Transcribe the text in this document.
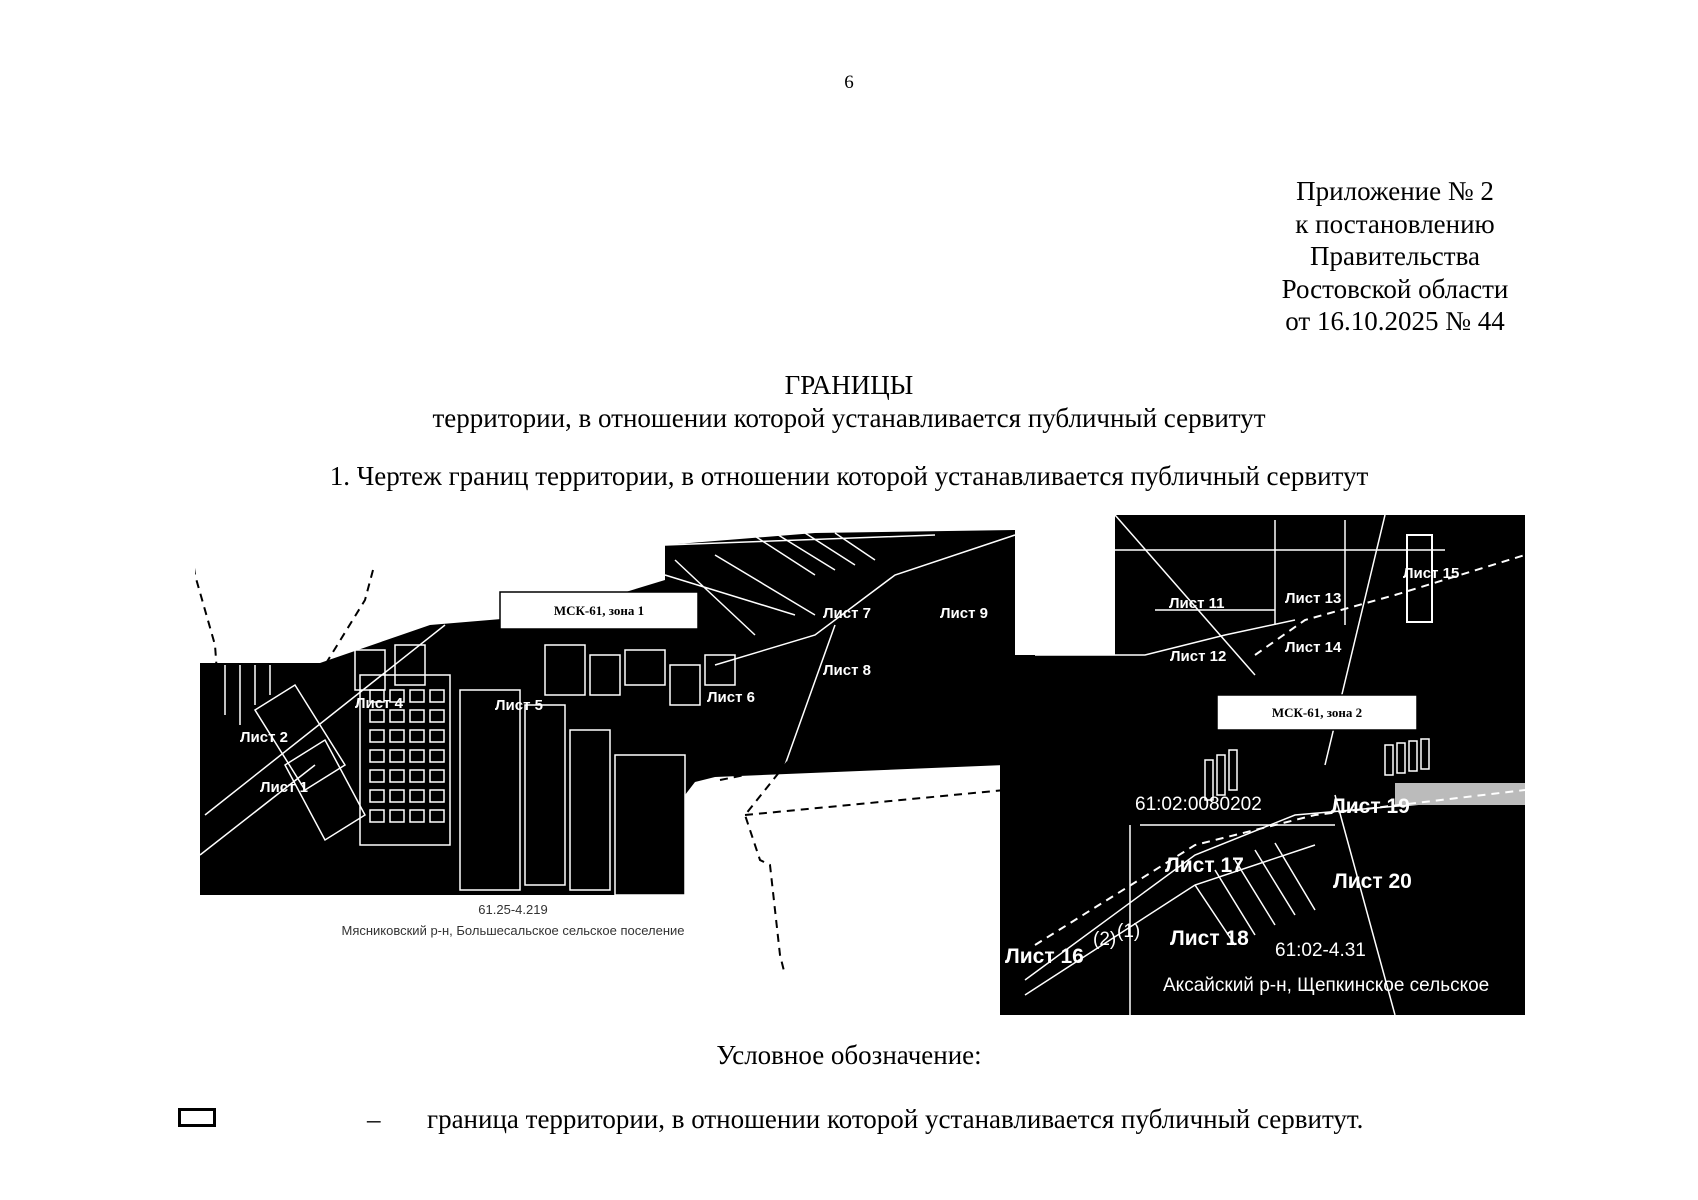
6
Приложение № 2
к постановлению
Правительства
Ростовской области
от 16.10.2025 № 44
ГРАНИЦЫ
территории, в отношении которой устанавливается публичный сервитут
1. Чертеж границ территории, в отношении которой устанавливается публичный сервитут
МСК-61, зона 1
МСК-61, зона 2
Лист 1
Лист 2
Лист 4	Лист 5	Лист 6
Лист 7
Лист 8
Лист 9
Лист 10	Лист 11
Лист 12
Лист 13
Лист 14
Лист 15
Лист 16
Лист 17
Лист 18
Лист 19
Лист 20
61:02:0080202
61.25-4.219
Мясниковский р-н, Большесальское сельское поселение
61:02-4.31
Аксайский р-н, Щепкинское сельское
(2) (1)
Условное обозначение:
– граница территории, в отношении которой устанавливается публичный сервитут.
